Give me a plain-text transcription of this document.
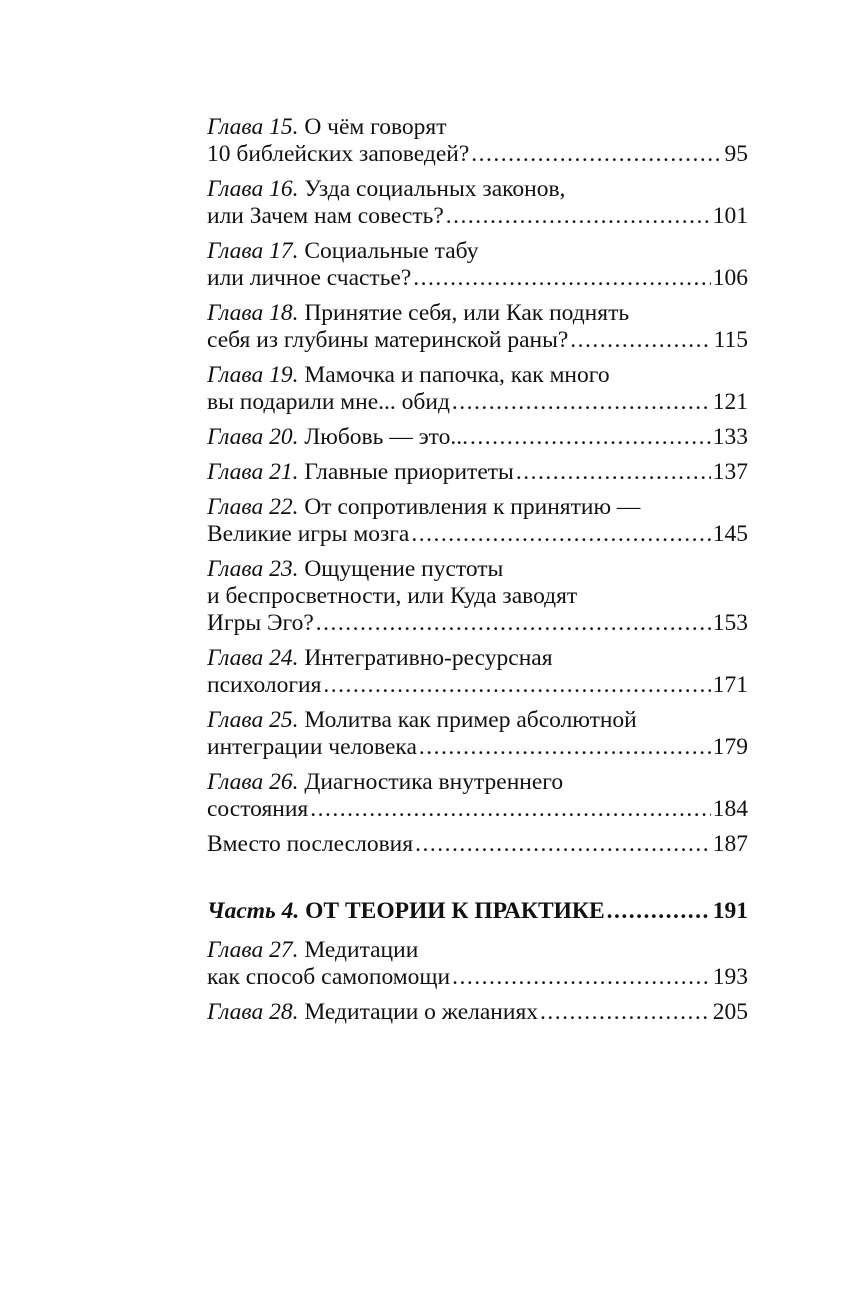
Глава 15. О чём говорят
10 библейских заповедей? .....	95
Глава 16. Узда социальных законов,
или Зачем нам совесть? .....	101
Глава 17. Социальные табу
или личное счастье? .....	106
Глава 18. Принятие себя, или Как поднять
себя из глубины материнской раны? .....	115
Глава 19. Мамочка и папочка, как много
вы подарили мне... обид .....	121
Глава 20. Любовь — это... .....	133
Глава 21. Главные приоритеты .....	137
Глава 22. От сопротивления к принятию —
Великие игры мозга .....	145
Глава 23. Ощущение пустоты
и беспросветности, или Куда заводят
Игры Эго? .....	153
Глава 24. Интегративно-ресурсная
психология .....	171
Глава 25. Молитва как пример абсолютной
интеграции человека .....	179
Глава 26. Диагностика внутреннего
состояния .....	184
Вместо послесловия .....	187
Часть 4. ОТ ТЕОРИИ К ПРАКТИКЕ .....	191
Глава 27. Медитации
как способ самопомощи .....	193
Глава 28. Медитации о желаниях .....	205
